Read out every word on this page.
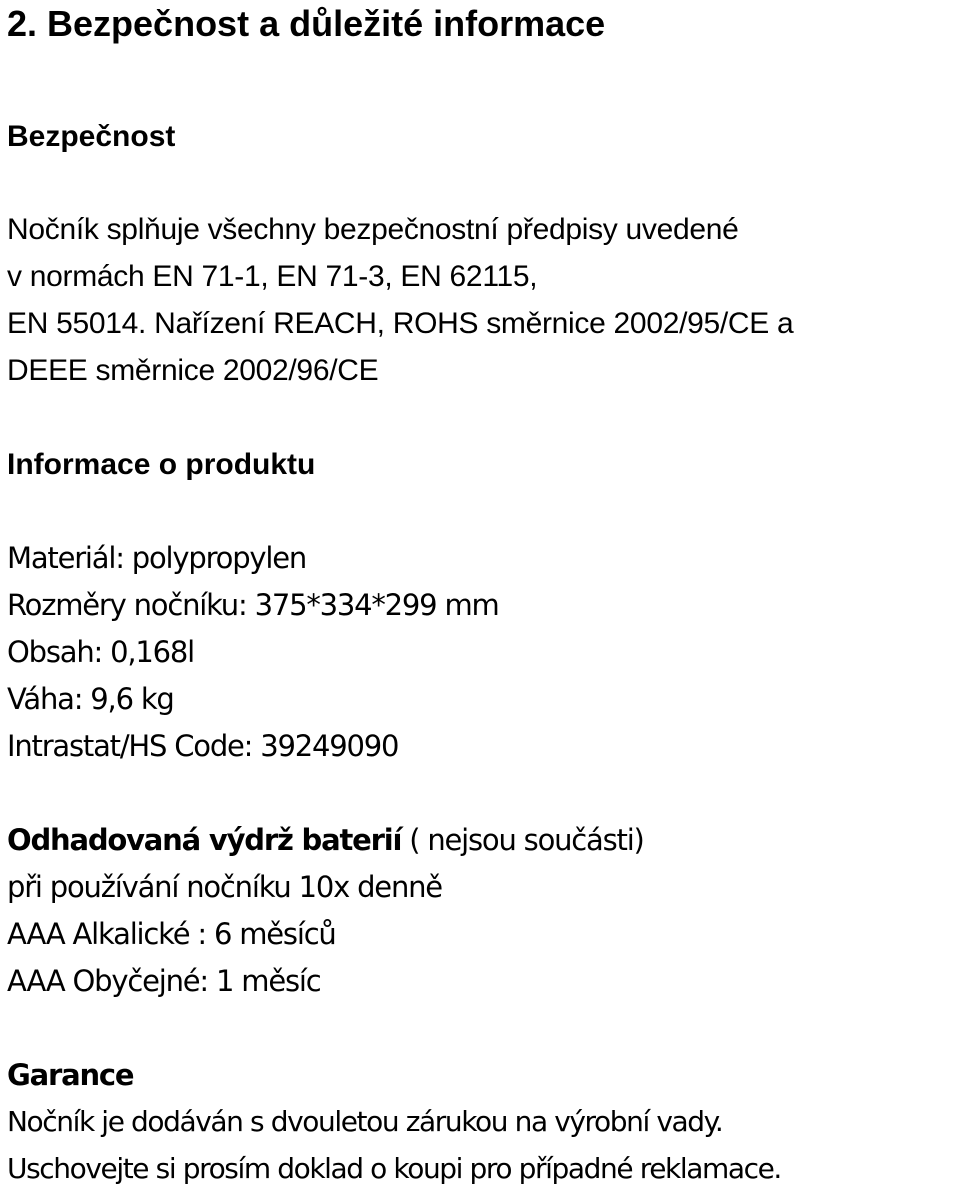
2. Bezpečnost a důležité informace
Bezpečnost
Nočník splňuje všechny bezpečnostní předpisy uvedené
v normách EN 71-1, EN 71-3, EN 62115,
EN 55014. Nařízení REACH, ROHS směrnice 2002/95/CE a
DEEE směrnice 2002/96/CE
Informace o produktu
Materiál: polypropylen
Rozměry nočníku: 375*334*299 mm
Obsah: 0,168l
Váha: 9,6 kg
Intrastat/HS Code: 39249090
Odhadovaná výdrž baterií ( nejsou součásti)
při používání nočníku 10x denně
AAA Alkalické : 6 měsíců
AAA Obyčejné: 1 měsíc
Garance
Nočník je dodáván s dvouletou zárukou na výrobní vady.
Uschovejte si prosím doklad o koupi pro případné reklamace.
